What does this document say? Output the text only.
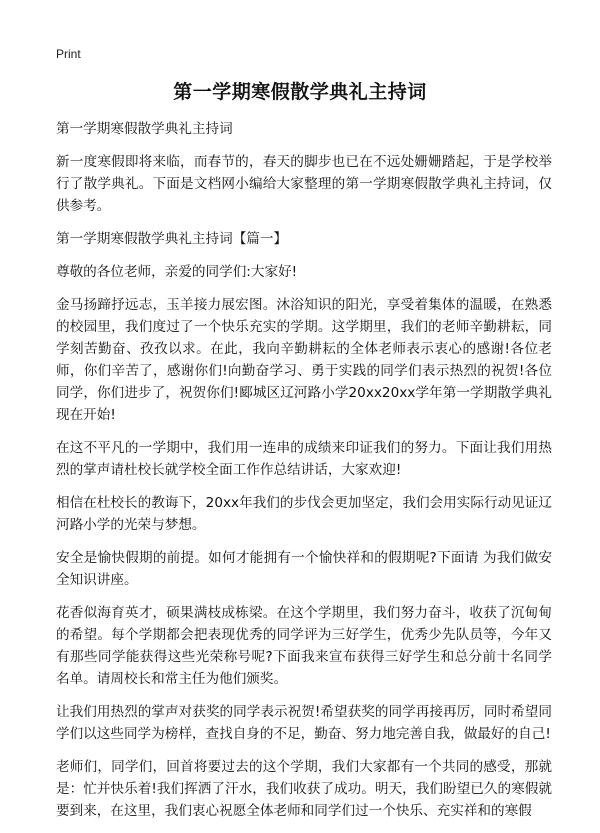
Print
第一学期寒假散学典礼主持词

第一学期寒假散学典礼主持词

新一度寒假即将来临，而春节的，春天的脚步也已在不远处姗姗踏起，于是学校举行了散学典礼。下面是文档网小编给大家整理的第一学期寒假散学典礼主持词，仅供参考。

第一学期寒假散学典礼主持词【篇一】

尊敬的各位老师，亲爱的同学们:大家好!

金马扬蹄抒远志，玉羊接力展宏图。沐浴知识的阳光，享受着集体的温暖，在熟悉的校园里，我们度过了一个快乐充实的学期。这学期里，我们的老师辛勤耕耘，同学刻苦勤奋、孜孜以求。在此，我向辛勤耕耘的全体老师表示衷心的感谢!各位老师，你们辛苦了，感谢你们!向勤奋学习、勇于实践的同学们表示热烈的祝贺!各位同学，你们进步了，祝贺你们!郾城区辽河路小学20xx20xx学年第一学期散学典礼现在开始!

在这不平凡的一学期中，我们用一连串的成绩来印证我们的努力。下面让我们用热烈的掌声请杜校长就学校全面工作作总结讲话，大家欢迎!

相信在杜校长的教诲下，20xx年我们的步伐会更加坚定，我们会用实际行动见证辽河路小学的光荣与梦想。

安全是愉快假期的前提。如何才能拥有一个愉快祥和的假期呢?下面请 为我们做安全知识讲座。

花香似海育英才，硕果满枝成栋梁。在这个学期里，我们努力奋斗，收获了沉甸甸的希望。每个学期都会把表现优秀的同学评为三好学生，优秀少先队员等，今年又有那些同学能获得这些光荣称号呢?下面我来宣布获得三好学生和总分前十名同学名单。请周校长和常主任为他们颁奖。

让我们用热烈的掌声对获奖的同学表示祝贺!希望获奖的同学再接再厉，同时希望同学们以这些同学为榜样，查找自身的不足，勤奋、努力地完善自我，做最好的自己!

老师们，同学们，回首将要过去的这个学期，我们大家都有一个共同的感受，那就是：忙并快乐着!我们挥洒了汗水，我们收获了成功。明天，我们盼望已久的寒假就要到来，在这里，我们衷心祝愿全体老师和同学们过一个快乐、充实祥和的寒假
